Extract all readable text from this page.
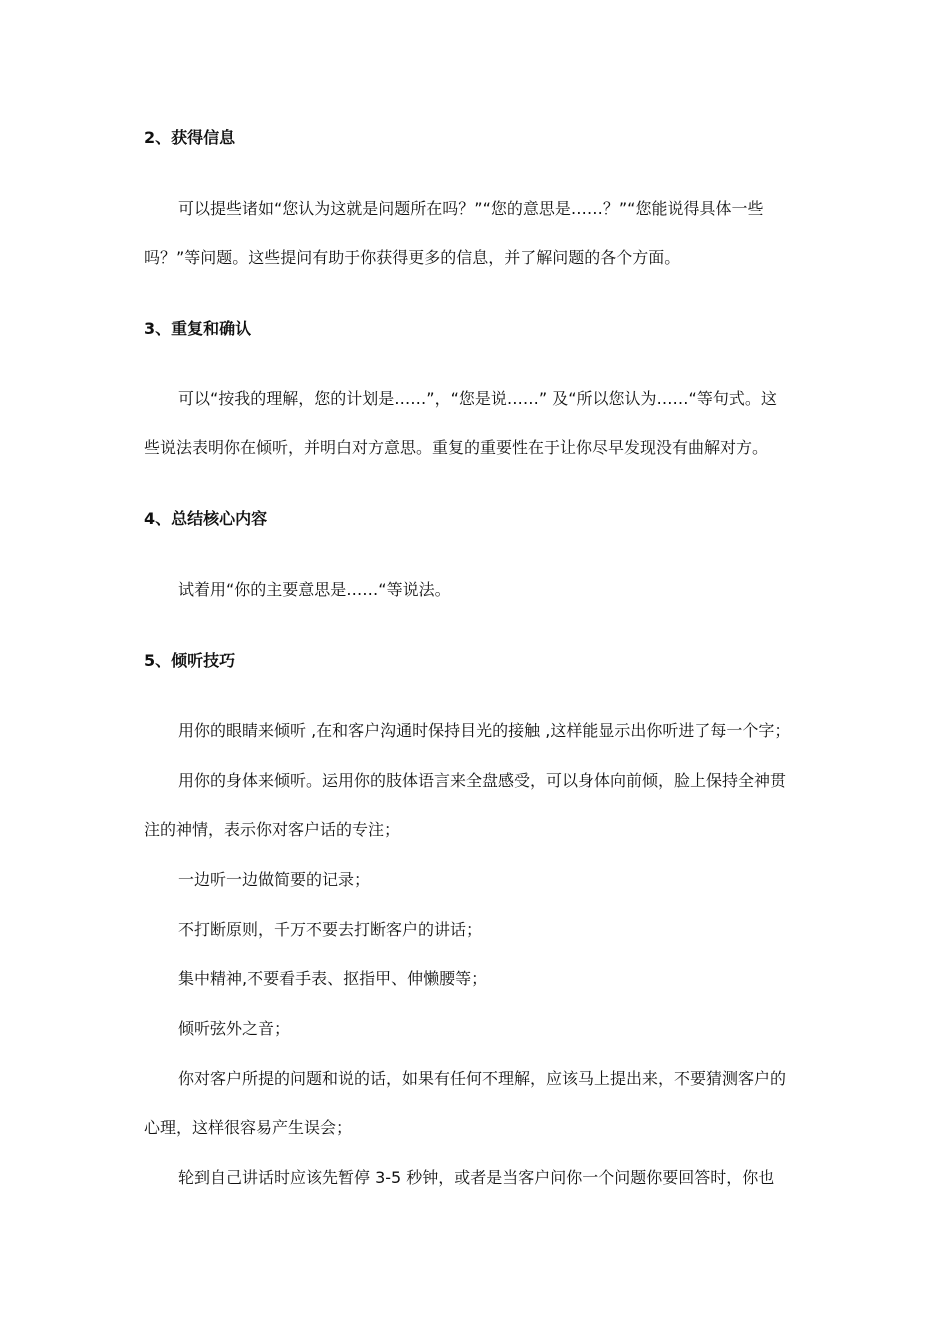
2、获得信息
可以提些诸如“您认为这就是问题所在吗？”“您的意思是……？”“您能说得具体一些
吗？”等问题。这些提问有助于你获得更多的信息，并了解问题的各个方面。
3、重复和确认
可以“按我的理解，您的计划是……”，“您是说……” 及“所以您认为……“等句式。这
些说法表明你在倾听，并明白对方意思。重复的重要性在于让你尽早发现没有曲解对方。
4、总结核心内容
试着用“你的主要意思是……“等说法。
5、倾听技巧
用你的眼睛来倾听 ,在和客户沟通时保持目光的接触 ,这样能显示出你听进了每一个字；
用你的身体来倾听。运用你的肢体语言来全盘感受，可以身体向前倾，脸上保持全神贯
注的神情，表示你对客户话的专注；
一边听一边做简要的记录；
不打断原则，千万不要去打断客户的讲话；
集中精神,不要看手表、抠指甲、伸懒腰等；
倾听弦外之音；
你对客户所提的问题和说的话，如果有任何不理解，应该马上提出来，不要猜测客户的
心理，这样很容易产生误会；
轮到自己讲话时应该先暂停 3-5 秒钟，或者是当客户问你一个问题你要回答时，你也
